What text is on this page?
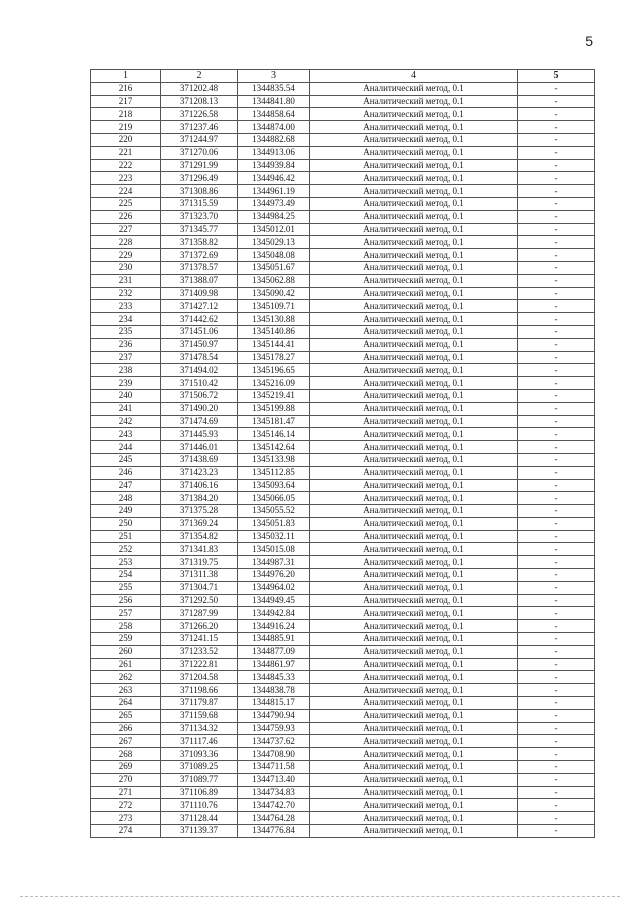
5
1	2	3	4	5
216	371202.48	1344835.54	Аналитический метод, 0.1	-
217	371208.13	1344841.80	Аналитический метод, 0.1	-
218	371226.58	1344858.64	Аналитический метод, 0.1	-
219	371237.46	1344874.00	Аналитический метод, 0.1	-
220	371244.97	1344882.68	Аналитический метод, 0.1	-
221	371270.06	1344913.06	Аналитический метод, 0.1	-
222	371291.99	1344939.84	Аналитический метод, 0.1	-
223	371296.49	1344946.42	Аналитический метод, 0.1	-
224	371308.86	1344961.19	Аналитический метод, 0.1	-
225	371315.59	1344973.49	Аналитический метод, 0.1	-
226	371323.70	1344984.25	Аналитический метод, 0.1	-
227	371345.77	1345012.01	Аналитический метод, 0.1	-
228	371358.82	1345029.13	Аналитический метод, 0.1	-
229	371372.69	1345048.08	Аналитический метод, 0.1	-
230	371378.57	1345051.67	Аналитический метод, 0.1	-
231	371388.07	1345062.88	Аналитический метод, 0.1	-
232	371409.98	1345090.42	Аналитический метод, 0.1	-
233	371427.12	1345109.71	Аналитический метод, 0.1	-
234	371442.62	1345130.88	Аналитический метод, 0.1	-
235	371451.06	1345140.86	Аналитический метод, 0.1	-
236	371450.97	1345144.41	Аналитический метод, 0.1	-
237	371478.54	1345178.27	Аналитический метод, 0.1	-
238	371494.02	1345196.65	Аналитический метод, 0.1	-
239	371510.42	1345216.09	Аналитический метод, 0.1	-
240	371506.72	1345219.41	Аналитический метод, 0.1	-
241	371490.20	1345199.88	Аналитический метод, 0.1	-
242	371474.69	1345181.47	Аналитический метод, 0.1	-
243	371445.93	1345146.14	Аналитический метод, 0.1	-
244	371446.01	1345142.64	Аналитический метод, 0.1	-
245	371438.69	1345133.98	Аналитический метод, 0.1	-
246	371423.23	1345112.85	Аналитический метод, 0.1	-
247	371406.16	1345093.64	Аналитический метод, 0.1	-
248	371384.20	1345066.05	Аналитический метод, 0.1	-
249	371375.28	1345055.52	Аналитический метод, 0.1	-
250	371369.24	1345051.83	Аналитический метод, 0.1	-
251	371354.82	1345032.11	Аналитический метод, 0.1	-
252	371341.83	1345015.08	Аналитический метод, 0.1	-
253	371319.75	1344987.31	Аналитический метод, 0.1	-
254	371311.38	1344976.20	Аналитический метод, 0.1	-
255	371304.71	1344964.02	Аналитический метод, 0.1	-
256	371292.50	1344949.45	Аналитический метод, 0.1	-
257	371287.99	1344942.84	Аналитический метод, 0.1	-
258	371266.20	1344916.24	Аналитический метод, 0.1	-
259	371241.15	1344885.91	Аналитический метод, 0.1	-
260	371233.52	1344877.09	Аналитический метод, 0.1	-
261	371222.81	1344861.97	Аналитический метод, 0.1	-
262	371204.58	1344845.33	Аналитический метод, 0.1	-
263	371198.66	1344838.78	Аналитический метод, 0.1	-
264	371179.87	1344815.17	Аналитический метод, 0.1	-
265	371159.68	1344790.94	Аналитический метод, 0.1	-
266	371134.32	1344759.93	Аналитический метод, 0.1	-
267	371117.46	1344737.62	Аналитический метод, 0.1	-
268	371093.36	1344708.90	Аналитический метод, 0.1	-
269	371089.25	1344711.58	Аналитический метод, 0.1	-
270	371089.77	1344713.40	Аналитический метод, 0.1	-
271	371106.89	1344734.83	Аналитический метод, 0.1	-
272	371110.76	1344742.70	Аналитический метод, 0.1	-
273	371128.44	1344764.28	Аналитический метод, 0.1	-
274	371139.37	1344776.84	Аналитический метод, 0.1	-
